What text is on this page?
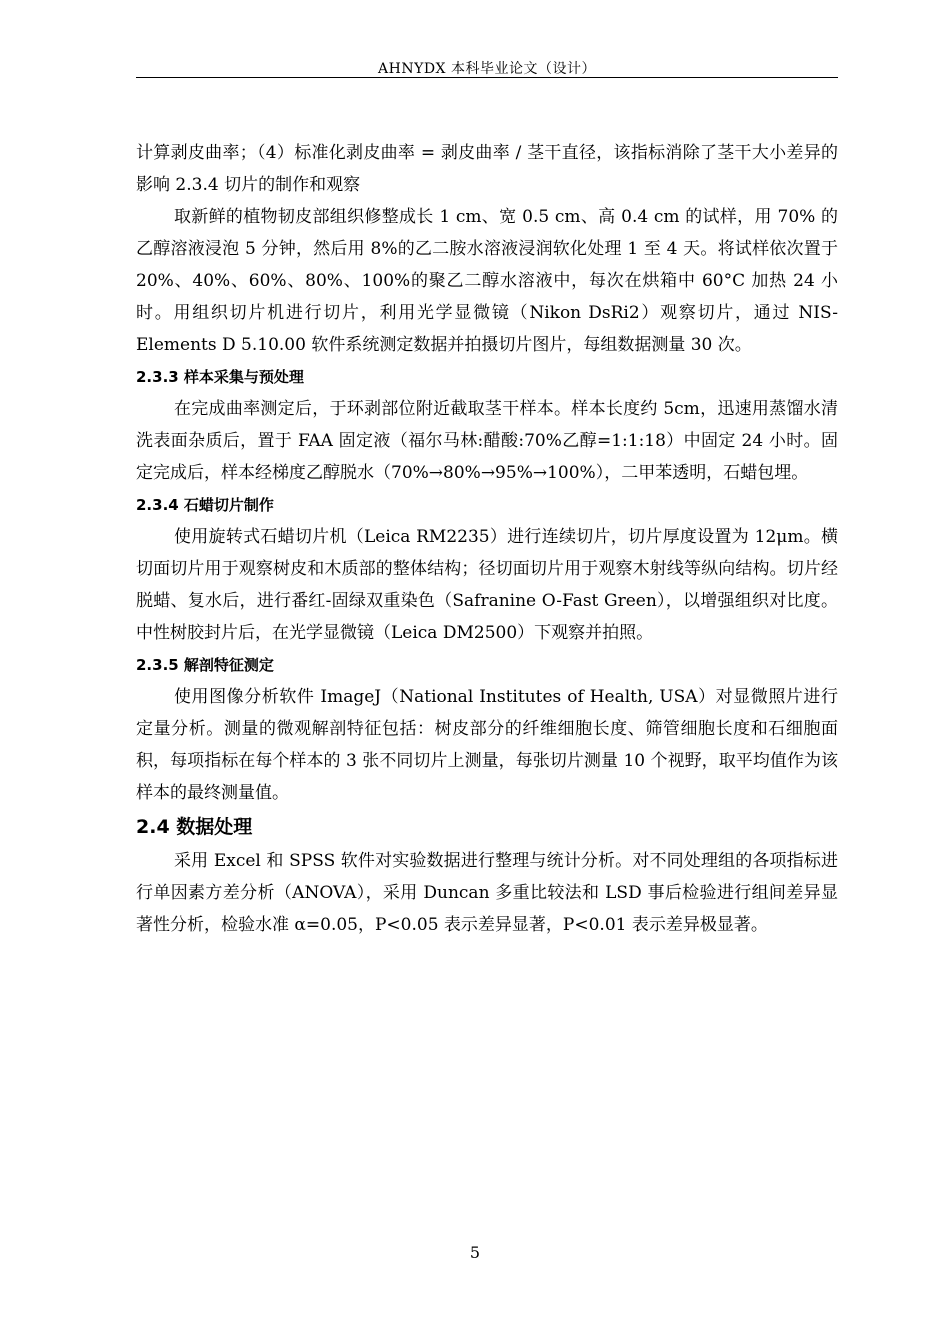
AHNYDX 本科毕业论文（设计）

计算剥皮曲率；（4）标准化剥皮曲率 = 剥皮曲率 / 茎干直径，该指标消除了茎干大小差异的影响 2.3.4 切片的制作和观察

取新鲜的植物韧皮部组织修整成长 1 cm、宽 0.5 cm、高 0.4 cm 的试样，用 70% 的乙醇溶液浸泡 5 分钟，然后用 8%的乙二胺水溶液浸润软化处理 1 至 4 天。将试样依次置于 20%、40%、60%、80%、100%的聚乙二醇水溶液中，每次在烘箱中 60°C 加热 24 小时。用组织切片机进行切片，利用光学显微镜（Nikon DsRi2）观察切片，通过 NIS-Elements D 5.10.00 软件系统测定数据并拍摄切片图片，每组数据测量 30 次。

2.3.3 样本采集与预处理

在完成曲率测定后，于环剥部位附近截取茎干样本。样本长度约 5cm，迅速用蒸馏水清洗表面杂质后，置于 FAA 固定液（福尔马林:醋酸:70%乙醇=1:1:18）中固定 24 小时。固定完成后，样本经梯度乙醇脱水（70%→80%→95%→100%），二甲苯透明，石蜡包埋。

2.3.4 石蜡切片制作

使用旋转式石蜡切片机（Leica RM2235）进行连续切片，切片厚度设置为 12μm。横切面切片用于观察树皮和木质部的整体结构；径切面切片用于观察木射线等纵向结构。切片经脱蜡、复水后，进行番红-固绿双重染色（Safranine O-Fast Green），以增强组织对比度。中性树胶封片后，在光学显微镜（Leica DM2500）下观察并拍照。

2.3.5 解剖特征测定

使用图像分析软件 ImageJ（National Institutes of Health, USA）对显微照片进行定量分析。测量的微观解剖特征包括：树皮部分的纤维细胞长度、筛管细胞长度和石细胞面积，每项指标在每个样本的 3 张不同切片上测量，每张切片测量 10 个视野，取平均值作为该样本的最终测量值。

2.4 数据处理

采用 Excel 和 SPSS 软件对实验数据进行整理与统计分析。对不同处理组的各项指标进行单因素方差分析（ANOVA），采用 Duncan 多重比较法和 LSD 事后检验进行组间差异显著性分析，检验水准 α=0.05，P<0.05 表示差异显著，P<0.01 表示差异极显著。

5
